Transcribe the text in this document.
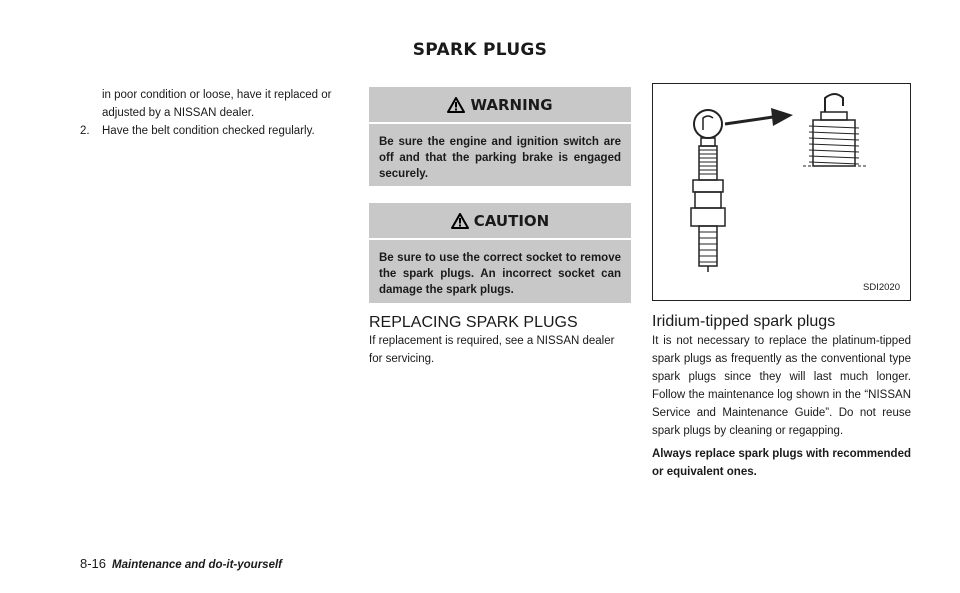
SPARK PLUGS

in poor condition or loose, have it replaced or adjusted by a NISSAN dealer.

2.	Have the belt condition checked regularly.

WARNING
Be sure the engine and ignition switch are off and that the parking brake is engaged securely.
CAUTION
Be sure to use the correct socket to remove the spark plugs. An incorrect socket can damage the spark plugs.
REPLACING SPARK PLUGS
If replacement is required, see a NISSAN dealer for servicing.
SDI2020
Iridium-tipped spark plugs

It is not necessary to replace the platinum-tipped spark plugs as frequently as the conventional type spark plugs since they will last much longer. Follow the maintenance log shown in the “NISSAN Service and Maintenance Guide”. Do not reuse spark plugs by cleaning or regapping.

Always replace spark plugs with recommended or equivalent ones.

8-16 Maintenance and do-it-yourself
